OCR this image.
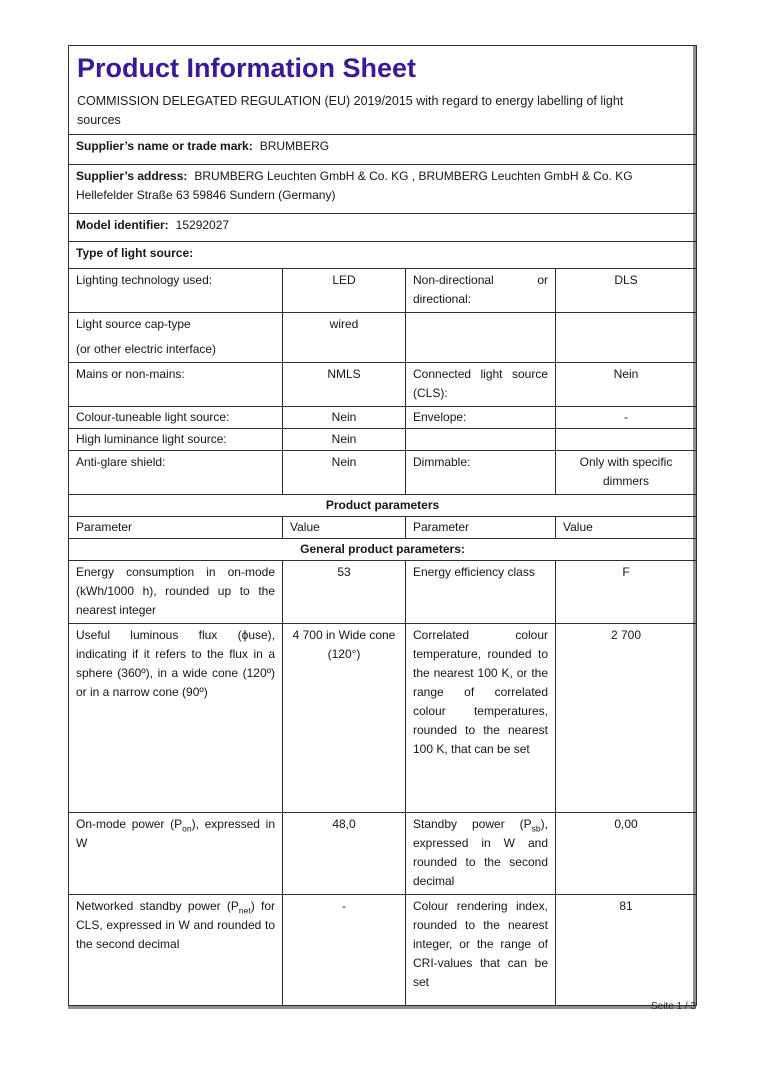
Product Information Sheet

COMMISSION DELEGATED REGULATION (EU) 2019/2015 with regard to energy labelling of light sources

Supplier’s name or trade mark: BRUMBERG			
Supplier’s address: BRUMBERG Leuchten GmbH & Co. KG , BRUMBERG Leuchten GmbH & Co. KG Hellefelder Straße 63 59846 Sundern (Germany)			
Model identifier: 15292027			
Type of light source:			
Lighting technology used:	LED	Non-directional or directional:	DLS

Light source cap-type
(or other electric interface)	wired		
Mains or non-mains:	NMLS	Connected light source (CLS):	Nein
Colour-tuneable light source:	Nein	Envelope:	-
High luminance light source:	Nein		
Anti-glare shield:	Nein	Dimmable:	Only with specific dimmers
Product parameters			
Parameter	Value	Parameter	Value
General product parameters:			
Energy consumption in on-mode (kWh/1000 h), rounded up to the nearest integer	53	Energy efficiency class	F
Useful luminous flux (ϕuse), indicating if it refers to the flux in a sphere (360º), in a wide cone (120º) or in a narrow cone (90º)	4 700 in Wide cone (120°)	Correlated colour temperature, rounded to the nearest 100 K, or the range of correlated colour temperatures, rounded to the nearest 100 K, that can be set	2 700
On-mode power $(P_{on})$, expressed in W	48,0	Standby power $(P_{sb})$, expressed in W and rounded to the second decimal	0,00
Networked standby power $(P_{net})$ for CLS, expressed in W and rounded to the second decimal	-	Colour rendering index, rounded to the nearest integer, or the range of CRI-values that can be set	81
Seite 1 / 3
